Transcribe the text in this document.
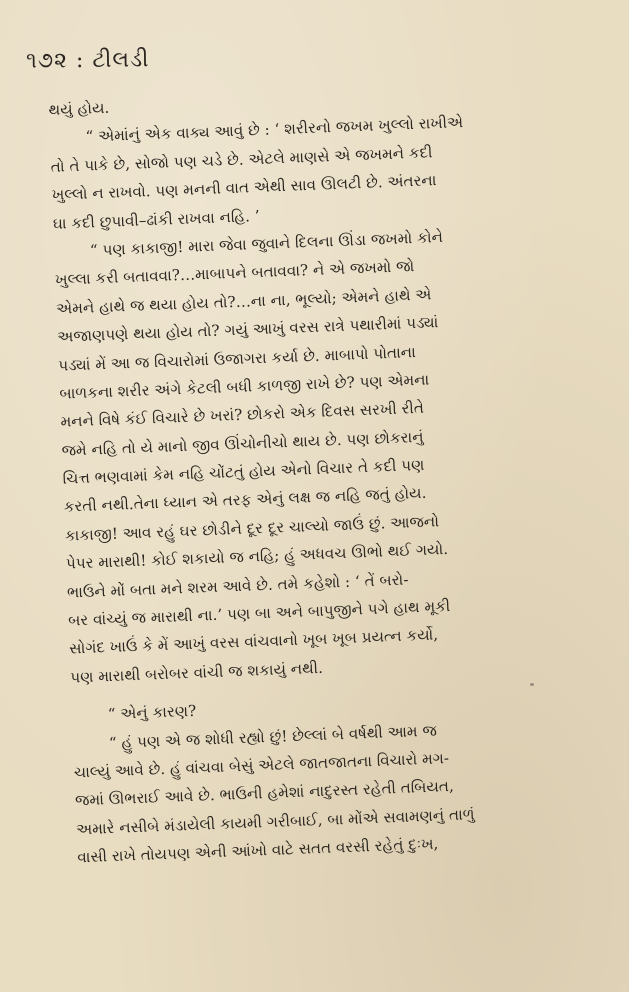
૧૭૨ : ટીલડી
થયું હોય.
“ એમાંનું એક વાક્ય આવું છે : ‘ શરીરનો જખમ ખુલ્લો રાખીએ
તો તે પાકે છે, સોજો પણ ચડે છે. એટલે માણસે એ જખમને કદી
ખુલ્લો ન રાખવો. પણ મનની વાત એથી સાવ ઊલટી છે. અંતરના
ઘા કદી છુપાવી–ઢાંકી રાખવા નહિ. ’
“ પણ કાકાજી! મારા જેવા જુવાને દિલના ઊંડા જખમો કોને
ખુલ્લા કરી બતાવવા?…માબાપને બતાવવા? ને એ જખમો જો
એમને હાથે જ થયા હોય તો?…ના ના, ભૂલ્યો; એમને હાથે એ
અજાણપણે થયા હોય તો? ગયું આખું વરસ રાત્રે પથારીમાં પડ્યાં
પડ્યાં મેં આ જ વિચારોમાં ઉજાગરા કર્યા છે. માબાપો પોતાના
બાળકના શરીર અંગે કેટલી બધી કાળજી રાખે છે? પણ એમના
મનને વિષે કંઈ વિચારે છે ખરાં? છોકરો એક દિવસ સરખી રીતે
જમે નહિ તો યે માનો જીવ ઊંચોનીચો થાય છે. પણ છોકરાનું
ચિત્ત ભણવામાં કેમ નહિ ચોંટતું હોય એનો વિચાર તે કદી પણ
કરતી નથી.તેના ધ્યાન એ તરફ એનું લક્ષ જ નહિ જતું હોય.
કાકાજી! આવ રહું ઘર છોડીને દૂર દૂર ચાલ્યો જાઉં છું. આજનો
પેપર મારાથી! કોઈ શકાયો જ નહિ; હું અધવચ ઊભો થઈ ગયો.
ભાઉને મોં બતા મને શરમ આવે છે. તમે કહેશો : ‘ તેં બરો-
બર વાંચ્યું જ મારાથી ના.’ પણ બા અને બાપુજીને પગે હાથ મૂકી
સોગંદ ખાઉં કે મેં આખું વરસ વાંચવાનો ખૂબ ખૂબ પ્રયત્ન કર્યો,
પણ મારાથી બરોબર વાંચી જ શકાયું નથી.
“ એનું કારણ?
“ હું પણ એ જ શોધી રહ્યો છું! છેલ્લાં બે વર્ષથી આમ જ
ચાલ્યું આવે છે. હું વાંચવા બેસું એટલે જાતજાતના વિચારો મગ-
જમાં ઊભરાઈ આવે છે. ભાઉની હમેશાં નાદુરસ્ત રહેતી તબિયત,
અમારે નસીબે મંડાયેલી કાયમી ગરીબાઈ, બા મોંએ સવામણનું તાળું
વાસી રાખે તોયપણ એની આંખો વાટે સતત વરસી રહેતું દુઃખ,
